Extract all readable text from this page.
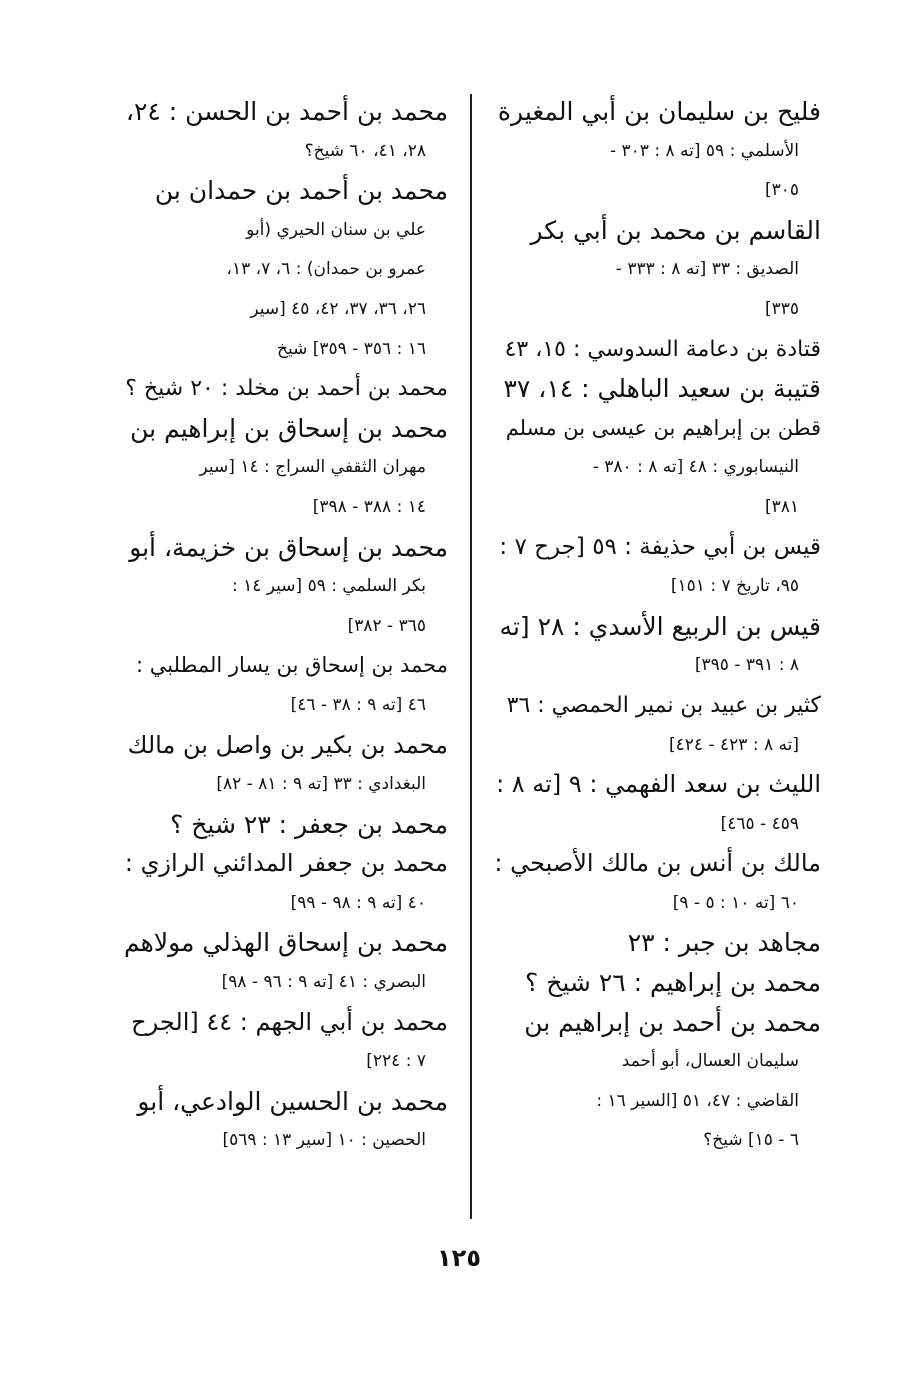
فليح بن سليمان بن أبي المغيرة
الأسلمي : ٥٩ [ته ٨ : ٣٠٣ -
٣٠٥]
القاسم بن محمد بن أبي بكر
الصديق : ٣٣ [ته ٨ : ٣٣٣ -
٣٣٥]
قتادة بن دعامة السدوسي : ١٥، ٤٣
قتيبة بن سعيد الباهلي : ١٤، ٣٧
قطن بن إبراهيم بن عيسى بن مسلم
النيسابوري : ٤٨ [ته ٨ : ٣٨٠ -
٣٨١]
قيس بن أبي حذيفة : ٥٩ [جرح ٧ :
٩٥، تاريخ ٧ : ١٥١]
قيس بن الربيع الأسدي : ٢٨ [ته
٨ : ٣٩١ - ٣٩٥]
كثير بن عبيد بن نمير الحمصي : ٣٦
[ته ٨ : ٤٢٣ - ٤٢٤]
الليث بن سعد الفهمي : ٩ [ته ٨ :
٤٥٩ - ٤٦٥]
مالك بن أنس بن مالك الأصبحي :
٦٠ [ته ١٠ : ٥ - ٩]
مجاهد بن جبر : ٢٣
محمد بن إبراهيم : ٢٦ شيخ ؟
محمد بن أحمد بن إبراهيم بن
سليمان العسال، أبو أحمد
القاضي : ٤٧، ٥١ [السير ١٦ :
٦ - ١٥] شيخ؟
محمد بن أحمد بن الحسن : ٢٤،
٢٨، ٤١، ٦٠ شيخ؟
محمد بن أحمد بن حمدان بن
علي بن سنان الحيري (أبو
عمرو بن حمدان) : ٦، ٧، ١٣،
٢٦، ٣٦، ٣٧، ٤٢، ٤٥ [سير
١٦ : ٣٥٦ - ٣٥٩] شيخ
محمد بن أحمد بن مخلد : ٢٠ شيخ ؟
محمد بن إسحاق بن إبراهيم بن
مهران الثقفي السراج : ١٤ [سير
١٤ : ٣٨٨ - ٣٩٨]
محمد بن إسحاق بن خزيمة، أبو
بكر السلمي : ٥٩ [سير ١٤ :
٣٦٥ - ٣٨٢]
محمد بن إسحاق بن يسار المطلبي :
٤٦ [ته ٩ : ٣٨ - ٤٦]
محمد بن بكير بن واصل بن مالك
البغدادي : ٣٣ [ته ٩ : ٨١ - ٨٢]
محمد بن جعفر : ٢٣ شيخ ؟
محمد بن جعفر المدائني الرازي :
٤٠ [ته ٩ : ٩٨ - ٩٩]
محمد بن إسحاق الهذلي مولاهم
البصري : ٤١ [ته ٩ : ٩٦ - ٩٨]
محمد بن أبي الجهم : ٤٤ [الجرح
٧ : ٢٢٤]
محمد بن الحسين الوادعي، أبو
الحصين : ١٠ [سير ١٣ : ٥٦٩]
١٢٥
